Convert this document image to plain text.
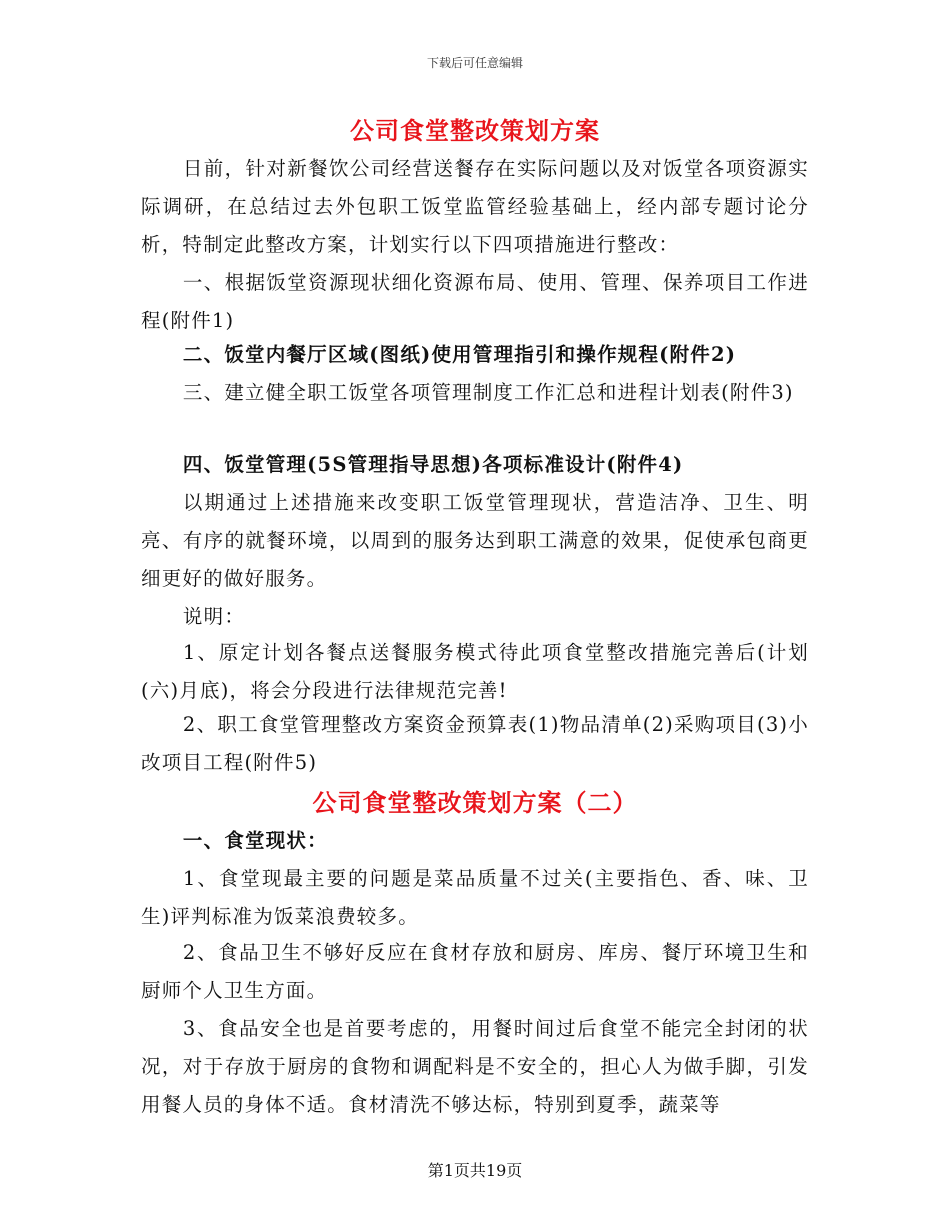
下载后可任意编辑
公司食堂整改策划方案

日前，针对新餐饮公司经营送餐存在实际问题以及对饭堂各项资源实际调研，在总结过去外包职工饭堂监管经验基础上，经内部专题讨论分析，特制定此整改方案，计划实行以下四项措施进行整改：

一、根据饭堂资源现状细化资源布局、使用、管理、保养项目工作进程(附件1)

二、饭堂内餐厅区域(图纸)使用管理指引和操作规程(附件2)

三、建立健全职工饭堂各项管理制度工作汇总和进程计划表(附件3)

四、饭堂管理(5S管理指导思想)各项标准设计(附件4)

以期通过上述措施来改变职工饭堂管理现状，营造洁净、卫生、明亮、有序的就餐环境，以周到的服务达到职工满意的效果，促使承包商更细更好的做好服务。

说明：

1、原定计划各餐点送餐服务模式待此项食堂整改措施完善后(计划(六)月底)，将会分段进行法律规范完善!

2、职工食堂管理整改方案资金预算表(1)物品清单(2)采购项目(3)小改项目工程(附件5)

公司食堂整改策划方案（二）

一、食堂现状：

1、食堂现最主要的问题是菜品质量不过关(主要指色、香、味、卫生)评判标准为饭菜浪费较多。

2、食品卫生不够好反应在食材存放和厨房、库房、餐厅环境卫生和厨师个人卫生方面。

3、食品安全也是首要考虑的，用餐时间过后食堂不能完全封闭的状况，对于存放于厨房的食物和调配料是不安全的，担心人为做手脚，引发用餐人员的身体不适。食材清洗不够达标，特别到夏季，蔬菜等

第1页共19页
